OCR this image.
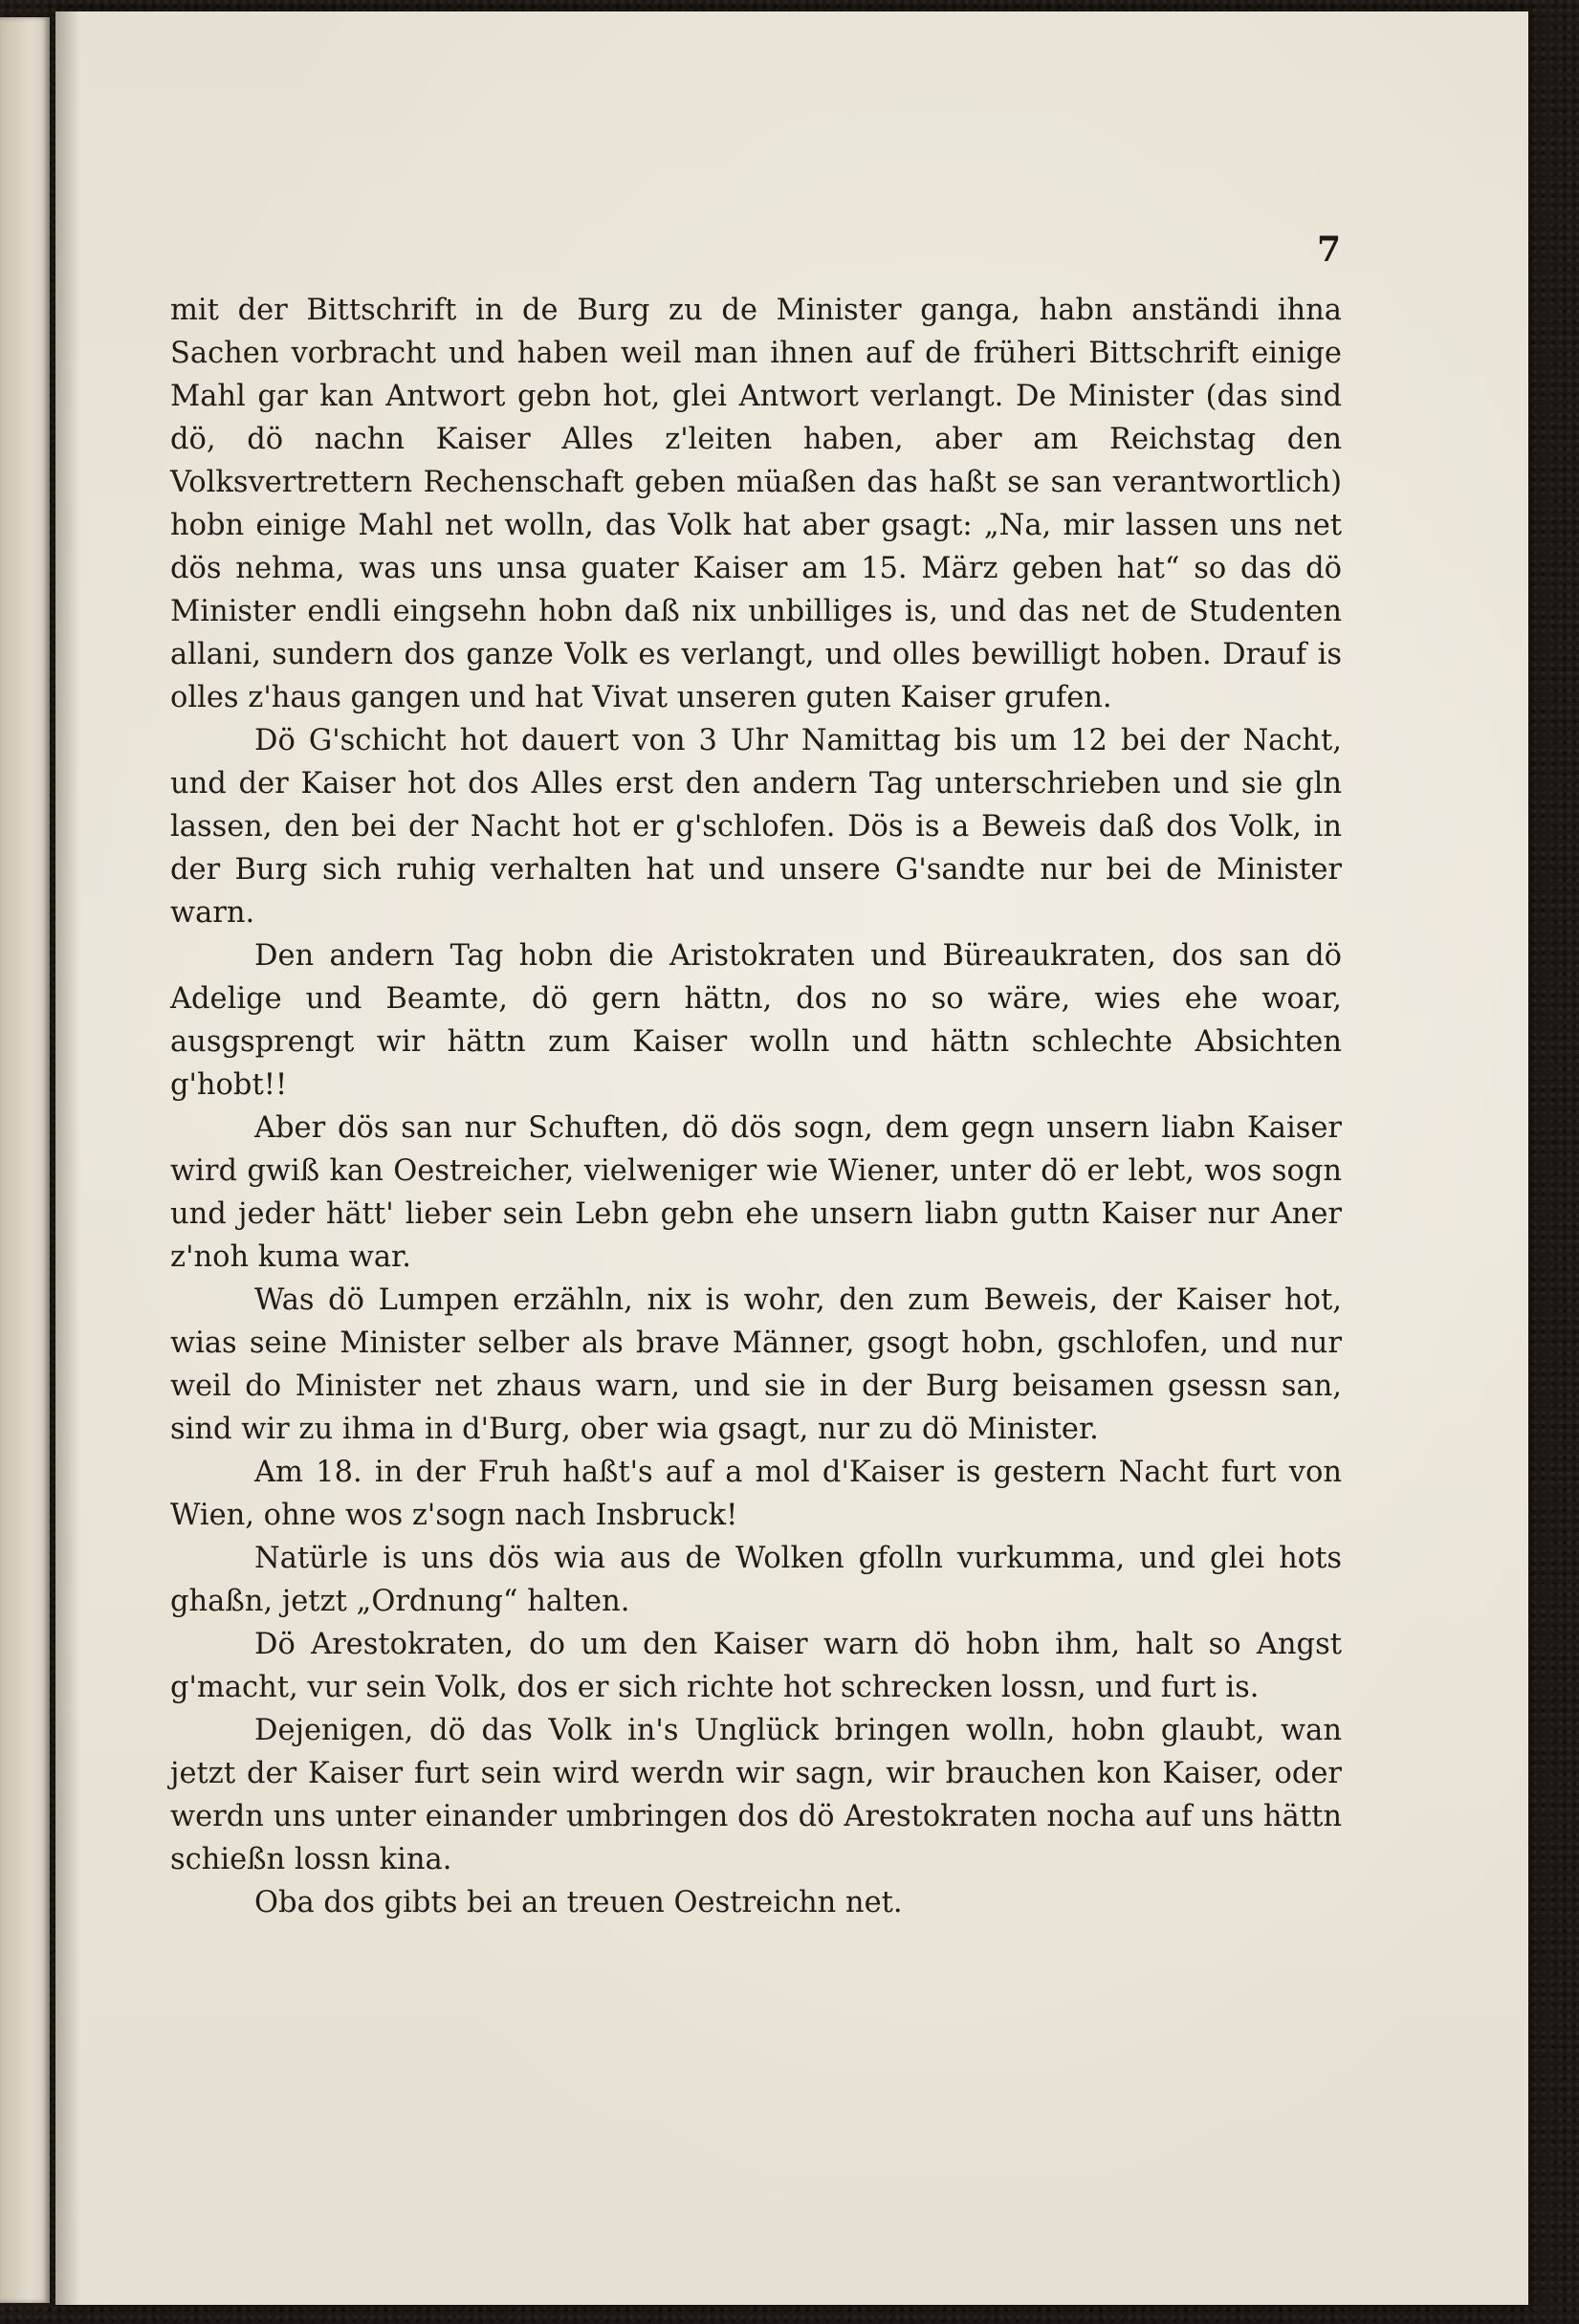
7

mit der Bittschrift in de Burg zu de Minister ganga, habn anständi ihna Sachen vorbracht und haben weil man ihnen auf de früheri Bittschrift einige Mahl gar kan Antwort gebn hot, glei Antwort verlangt. De Minister (das sind dö, dö nachn Kaiser Alles z'leiten haben, aber am Reichstag den Volksvertrettern Rechenschaft geben müaßen das haßt se san verantwortlich) hobn einige Mahl net wolln, das Volk hat aber gsagt: „Na, mir lassen uns net dös nehma, was uns unsa guater Kaiser am 15. März geben hat“ so das dö Minister endli eingsehn hobn daß nix unbilliges is, und das net de Studenten allani, sundern dos ganze Volk es verlangt, und olles bewilligt hoben. Drauf is olles z'haus gangen und hat Vivat unseren guten Kaiser grufen.

Dö G'schicht hot dauert von 3 Uhr Namittag bis um 12 bei der Nacht, und der Kaiser hot dos Alles erst den andern Tag unterschrieben und sie gln lassen, den bei der Nacht hot er g'schlofen. Dös is a Beweis daß dos Volk, in der Burg sich ruhig verhalten hat und unsere G'sandte nur bei de Minister warn.

Den andern Tag hobn die Aristokraten und Büreaukraten, dos san dö Adelige und Beamte, dö gern hättn, dos no so wäre, wies ehe woar, ausgsprengt wir hättn zum Kaiser wolln und hättn schlechte Absichten g'hobt!!

Aber dös san nur Schuften, dö dös sogn, dem gegn unsern liabn Kaiser wird gwiß kan Oestreicher, vielweniger wie Wiener, unter dö er lebt, wos sogn und jeder hätt' lieber sein Lebn gebn ehe unsern liabn guttn Kaiser nur Aner z'noh kuma war.

Was dö Lumpen erzähln, nix is wohr, den zum Beweis, der Kaiser hot, wias seine Minister selber als brave Männer, gsogt hobn, gschlofen, und nur weil do Minister net zhaus warn, und sie in der Burg beisamen gsessn san, sind wir zu ihma in d'Burg, ober wia gsagt, nur zu dö Minister.

Am 18. in der Fruh haßt's auf a mol d'Kaiser is gestern Nacht furt von Wien, ohne wos z'sogn nach Insbruck!

Natürle is uns dös wia aus de Wolken gfolln vurkumma, und glei hots ghaßn, jetzt „Ordnung“ halten.

Dö Arestokraten, do um den Kaiser warn dö hobn ihm, halt so Angst g'macht, vur sein Volk, dos er sich richte hot schrecken lossn, und furt is.

Dejenigen, dö das Volk in's Unglück bringen wolln, hobn glaubt, wan jetzt der Kaiser furt sein wird werdn wir sagn, wir brauchen kon Kaiser, oder werdn uns unter einander umbringen dos dö Arestokraten nocha auf uns hättn schießn lossn kina.

Oba dos gibts bei an treuen Oestreichn net.
